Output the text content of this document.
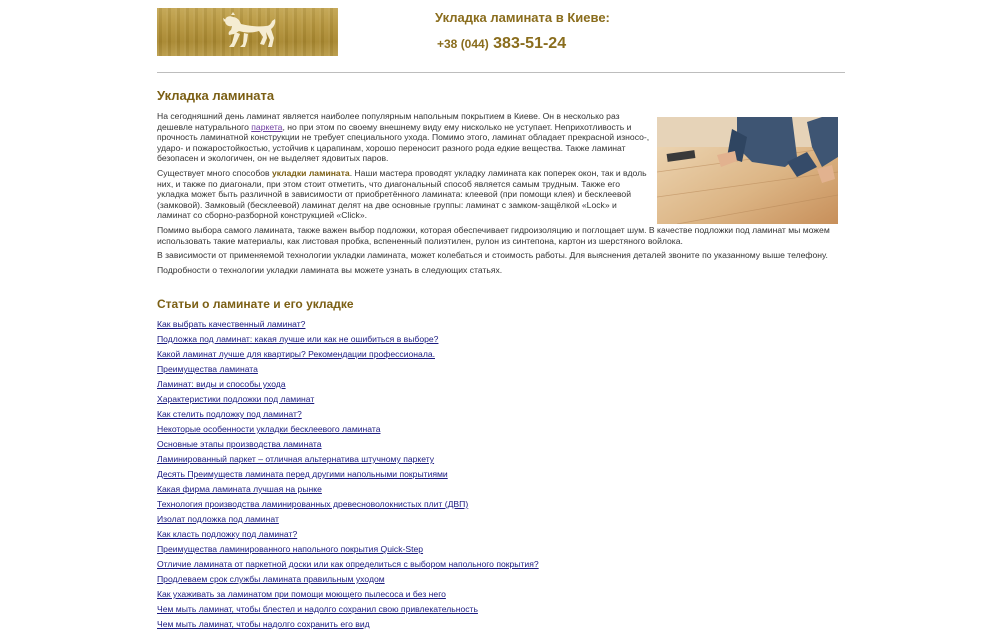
Укладка ламината в Киеве:
+38 (044) 383-51-24
Укладка ламината

На сегодняшний день ламинат является наиболее популярным напольным покрытием в Киеве. Он в несколько раз дешевле натурального паркета, но при этом по своему внешнему виду ему нисколько не уступает. Неприхотливость и прочность ламинатной конструкции не требует специального ухода. Помимо этого, ламинат обладает прекрасной износо-, ударо- и пожаростойкостью, устойчив к царапинам, хорошо переносит разного рода едкие вещества. Также ламинат безопасен и экологичен, он не выделяет ядовитых паров.

Существует много способов укладки ламината. Наши мастера проводят укладку ламината как поперек окон, так и вдоль них, и также по диагонали, при этом стоит отметить, что диагональный способ является самым трудным. Также его укладка может быть различной в зависимости от приобретённого ламината: клеевой (при помощи клея) и бесклеевой (замковой). Замковый (бесклеевой) ламинат делят на две основные группы: ламинат с замком-защёлкой «Lock» и ламинат со сборно-разборной конструкцией «Click».

Помимо выбора самого ламината, также важен выбор подложки, которая обеспечивает гидроизоляцию и поглощает шум. В качестве подложки под ламинат мы можем использовать такие материалы, как листовая пробка, вспененный полиэтилен, рулон из синтепона, картон из шерстяного войлока.

В зависимости от применяемой технологии укладки ламината, может колебаться и стоимость работы. Для выяснения деталей звоните по указанному выше телефону.

Подробности о технологии укладки ламината вы можете узнать в следующих статьях.

Статьи о ламинате и его укладке
Как выбрать качественный ламинат?
Подложка под ламинат: какая лучше или как не ошибиться в выборе?
Какой ламинат лучше для квартиры? Рекомендации профессионала.
Преимущества ламината
Ламинат: виды и способы ухода
Характеристики подложки под ламинат
Как стелить подложку под ламинат?
Некоторые особенности укладки бесклеевого ламината
Основные этапы производства ламината
Ламинированный паркет – отличная альтернатива штучному паркету
Десять Преимуществ ламината перед другими напольными покрытиями
Какая фирма ламината лучшая на рынке
Технология производства ламинированных древесноволокнистых плит (ДВП)
Изолат подложка под ламинат
Как класть подложку под ламинат?
Преимущества ламинированного напольного покрытия Quick-Step
Отличие ламината от паркетной доски или как определиться с выбором напольного покрытия?
Продлеваем срок службы ламината правильным уходом
Как ухаживать за ламинатом при помощи моющего пылесоса и без него
Чем мыть ламинат, чтобы блестел и надолго сохранил свою привлекательность
Чем мыть ламинат, чтобы надолго сохранить его вид
